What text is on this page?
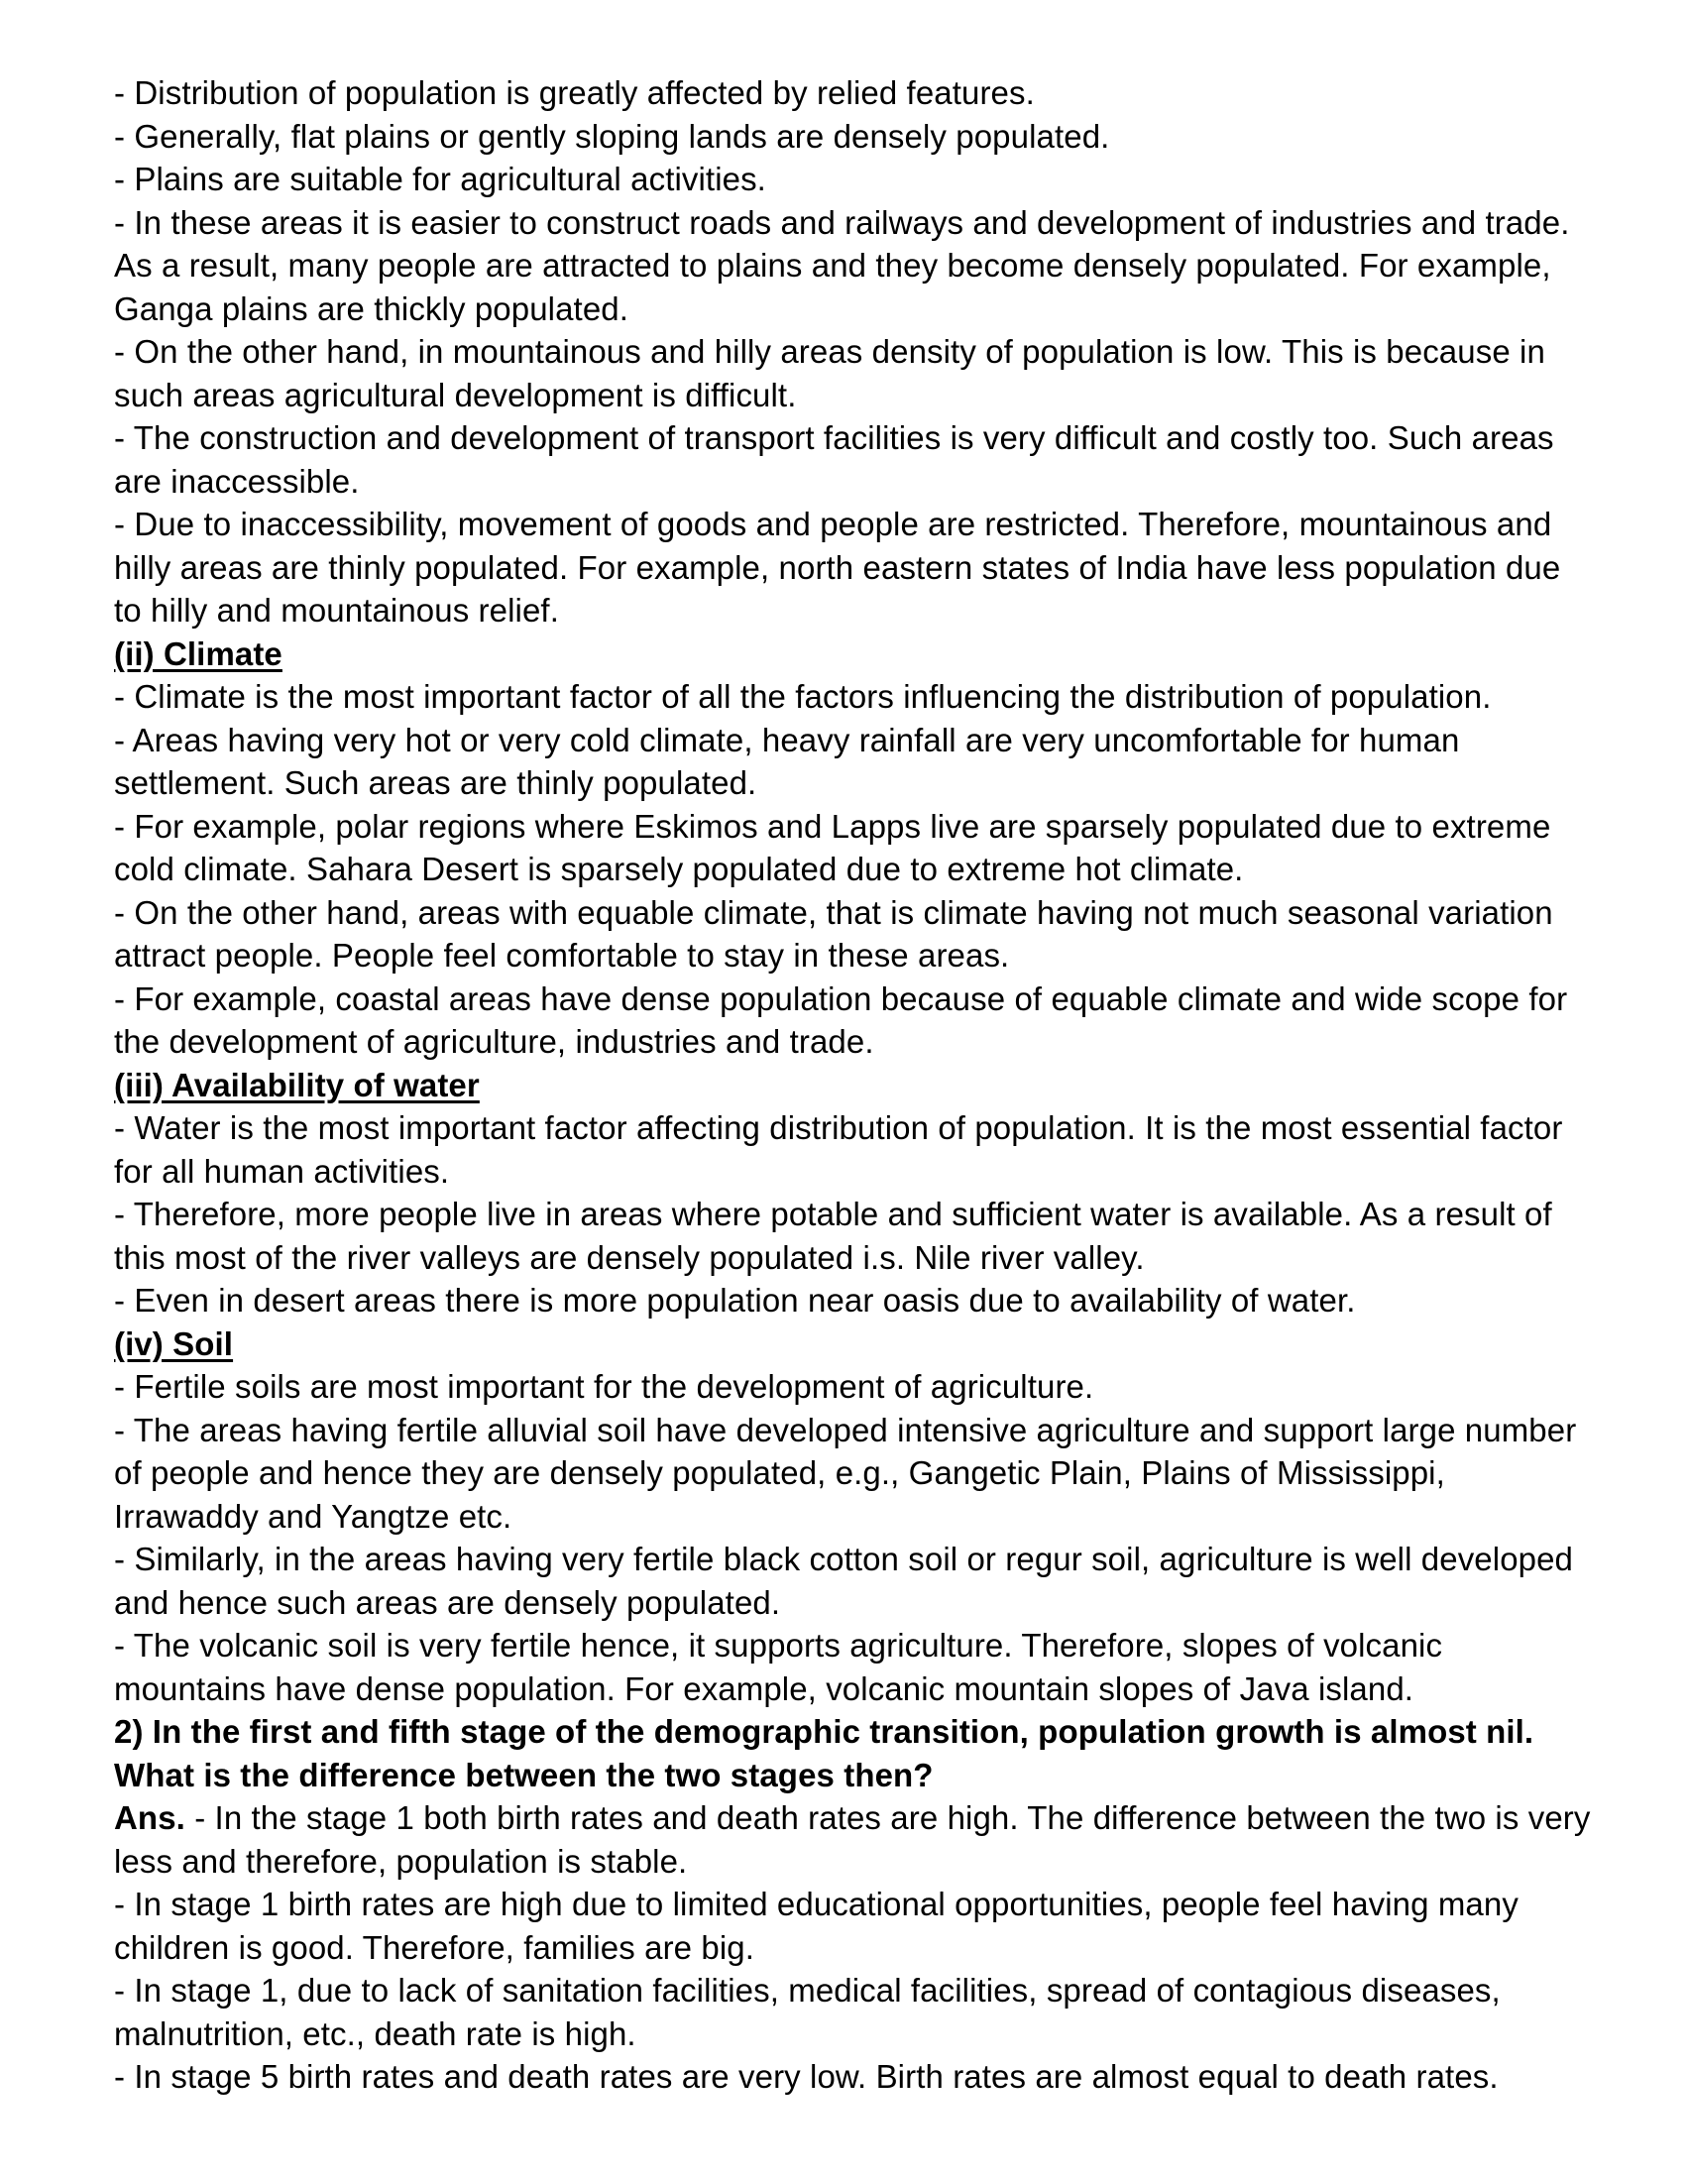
- Distribution of population is greatly affected by relied features.
- Generally, flat plains or gently sloping lands are densely populated.
- Plains are suitable for agricultural activities.
- In these areas it is easier to construct roads and railways and development of industries and trade. As a result, many people are attracted to plains and they become densely populated. For example, Ganga plains are thickly populated.
- On the other hand, in mountainous and hilly areas density of population is low. This is because in such areas agricultural development is difficult.
- The construction and development of transport facilities is very difficult and costly too. Such areas are inaccessible.
- Due to inaccessibility, movement of goods and people are restricted. Therefore, mountainous and hilly areas are thinly populated. For example, north eastern states of India have less population due to hilly and mountainous relief.
(ii) Climate
- Climate is the most important factor of all the factors influencing the distribution of population.
- Areas having very hot or very cold climate, heavy rainfall are very uncomfortable for human settlement. Such areas are thinly populated.
- For example, polar regions where Eskimos and Lapps live are sparsely populated due to extreme cold climate. Sahara Desert is sparsely populated due to extreme hot climate.
- On the other hand, areas with equable climate, that is climate having not much seasonal variation attract people. People feel comfortable to stay in these areas.
- For example, coastal areas have dense population because of equable climate and wide scope for the development of agriculture, industries and trade.
(iii) Availability of water
- Water is the most important factor affecting distribution of population. It is the most essential factor for all human activities.
- Therefore, more people live in areas where potable and sufficient water is available. As a result of this most of the river valleys are densely populated i.s. Nile river valley.
- Even in desert areas there is more population near oasis due to availability of water.
(iv) Soil
- Fertile soils are most important for the development of agriculture.
- The areas having fertile alluvial soil have developed intensive agriculture and support large number of people and hence they are densely populated, e.g., Gangetic Plain, Plains of Mississippi, Irrawaddy and Yangtze etc.
- Similarly, in the areas having very fertile black cotton soil or regur soil, agriculture is well developed and hence such areas are densely populated.
- The volcanic soil is very fertile hence, it supports agriculture. Therefore, slopes of volcanic mountains have dense population. For example, volcanic mountain slopes of Java island.
2) In the first and fifth stage of the demographic transition, population growth is almost nil. What is the difference between the two stages then?
Ans. - In the stage 1 both birth rates and death rates are high. The difference between the two is very less and therefore, population is stable.
- In stage 1 birth rates are high due to limited educational opportunities, people feel having many children is good. Therefore, families are big.
- In stage 1, due to lack of sanitation facilities, medical facilities, spread of contagious diseases, malnutrition, etc., death rate is high.
- In stage 5 birth rates and death rates are very low. Birth rates are almost equal to death rates.
